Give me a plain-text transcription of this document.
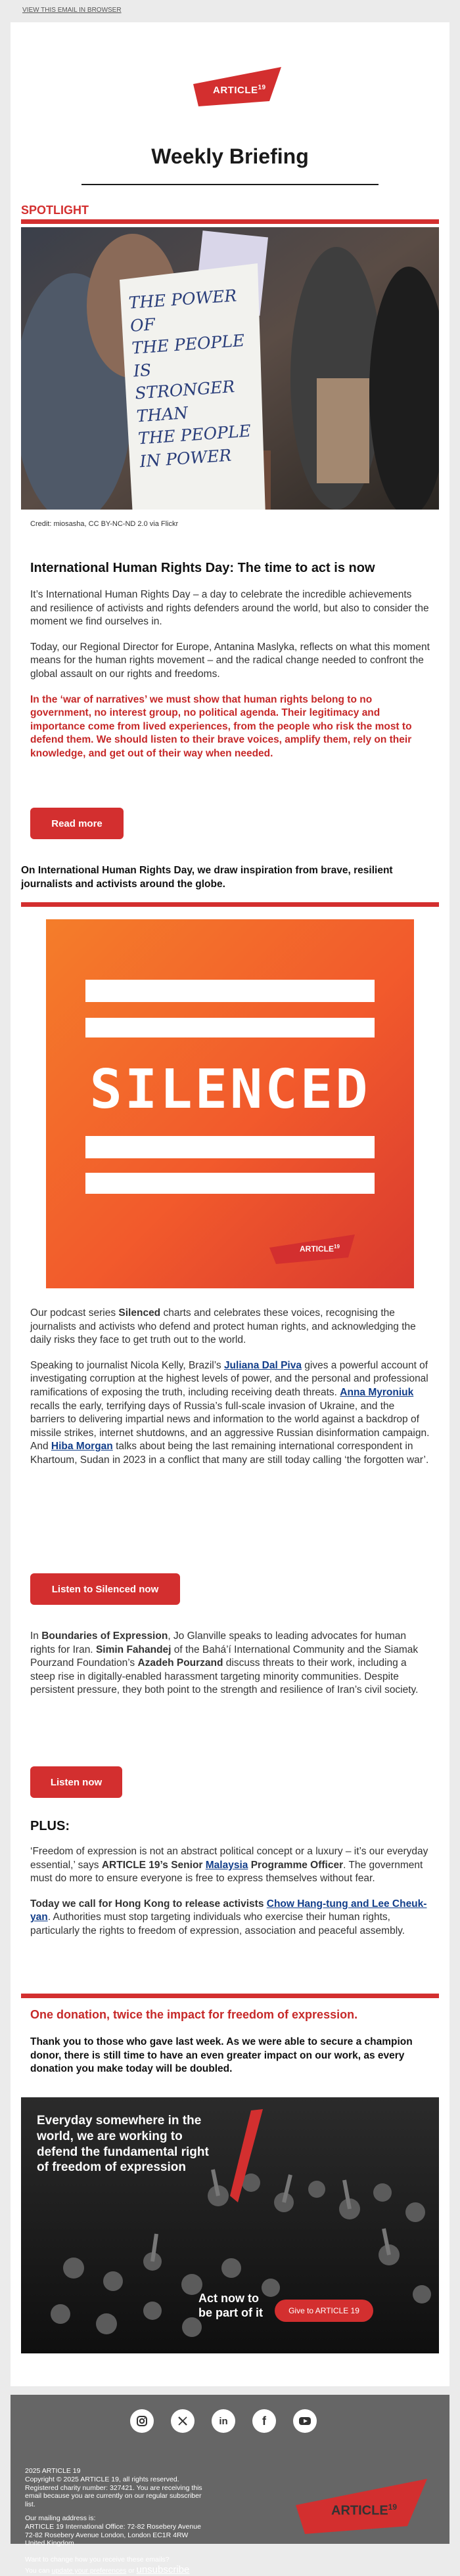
VIEW THIS EMAIL IN BROWSER
ARTICLE$^{19}$
Weekly Briefing
SPOTLIGHT
THE POWER OF
THE PEOPLE IS
STRONGER THAN
THE PEOPLE
IN POWER
Credit: miosasha, CC BY-NC-ND 2.0 via Flickr
International Human Rights Day: The time to act is now

It’s International Human Rights Day – a day to celebrate the incredible achievements and resilience of activists and rights defenders around the world, but also to consider the moment we find ourselves in.

Today, our Regional Director for Europe, Antanina Maslyka, reflects on what this moment means for the human rights movement – and the radical change needed to confront the global assault on our rights and freedoms.

In the ‘war of narratives’ we must show that human rights belong to no government, no interest group, no political agenda. Their legitimacy and importance come from lived experiences, from the people who risk the most to defend them. We should listen to their brave voices, amplify them, rely on their knowledge, and get out of their way when needed.

Read more
On International Human Rights Day, we draw inspiration from brave, resilient journalists and activists around the globe.
SILENCED
ARTICLE$^{19}$

Our podcast series Silenced charts and celebrates these voices, recognising the journalists and activists who defend and protect human rights, and acknowledging the daily risks they face to get truth out to the world.

Speaking to journalist Nicola Kelly, Brazil’s Juliana Dal Piva gives a powerful account of investigating corruption at the highest levels of power, and the personal and professional ramifications of exposing the truth, including receiving death threats. Anna Myroniuk recalls the early, terrifying days of Russia’s full-scale invasion of Ukraine, and the barriers to delivering impartial news and information to the world against a backdrop of missile strikes, internet shutdowns, and an aggressive Russian disinformation campaign. And Hiba Morgan talks about being the last remaining international correspondent in Khartoum, Sudan in 2023 in a conflict that many are still today calling ‘the forgotten war’.

Listen to Silenced now

In Boundaries of Expression, Jo Glanville speaks to leading advocates for human rights for Iran. Simin Fahandej of the Bahá’í International Community and the Siamak Pourzand Foundation’s Azadeh Pourzand discuss threats to their work, including a steep rise in digitally-enabled harassment targeting minority communities. Despite persistent pressure, they both point to the strength and resilience of Iran’s civil society.

Listen now
PLUS:

‘Freedom of expression is not an abstract political concept or a luxury – it’s our everyday essential,’ says ARTICLE 19’s Senior Malaysia Programme Officer. The government must do more to ensure everyone is free to express themselves without fear.

Today we call for Hong Kong to release activists Chow Hang-tung and Lee Cheuk-yan. Authorities must stop targeting individuals who exercise their human rights, particularly the rights to freedom of expression, association and peaceful assembly.

One donation, twice the impact for freedom of expression.
Thank you to those who gave last week. As we were able to secure a champion donor, there is still time to have an even greater impact on our work, as every donation you make today will be doubled.
Everyday somewhere in the world, we are working to defend the fundamental right of freedom of expression
Act now to be part of it	Give to ARTICLE 19
in	f

2025 ARTICLE 19

Copyright © 2025 ARTICLE 19, all rights reserved.

Registered charity number: 327421. You are receiving this email because you are currently on our regular subscriber list.

Our mailing address is:

ARTICLE 19 International Office: 72-82 Rosebery Avenue 72-82 Rosebery Avenue London, London EC1R 4RW United Kingdom

Want to change how you receive these emails?

You can update your preferences or unsubscribe

ARTICLE$^{19}$
